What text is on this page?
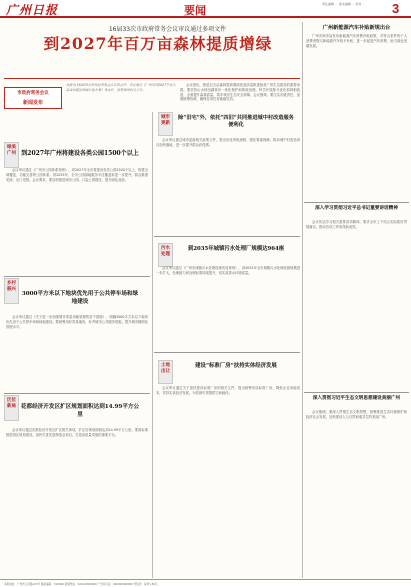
广州日报	要闻	责任编辑 ··· 美术编辑 ··· 校对 ···	3
16届33次市政府常务会议审议通过多项文件
到2027年百万亩森林提质增绿
市政府常务会议
新闻发布
本报讯 16届33次市政府常务会议日前召开，审议通过《广州市到2027年百万亩森林提质增绿实施方案》等文件，部署推进相关工作。

会议指出，推进百万亩森林提质增绿是高质量推进绿美广州生态建设的重要举措。要坚持山水林田湖草沙一体化保护和系统治理，科学开展林分优化和林相改善，全面提升森林质量，筑牢城市生态安全屏障。会议强调，要压实各级责任，加强统筹协调，确保各项任务落地见效。

绿美广州
乡村振兴
区位新局
到2027年广州将建设各类公园1500个以上

会议审议通过《广州市公园体系规划》，到2027年全市将建设各类公园1500个以上，构建全域覆盖、功能完善的公园体系。到2035年，全市公园绿地服务半径覆盖率进一步提升，群众推窗见绿、出门见园。会议要求，要加快推进城市公园、口袋公园建设，提升绿化品质。

3000平方米以下地块优先用于公共停车场和绿地建设

会议审议通过《关于进一步加强城市零星用地管理的若干措施》，明确3000平方米以下地块优先用于公共停车场和绿地建设。要统筹用好零星地块，补齐城市公共服务短板，提升城市精细化管理水平。

花都经济开发区扩区规划面积达到14.99平方公里

会议审议通过花都经济开发区扩区相关事项，扩区后规划面积达到14.99平方公里。要高标准推进园区规划建设，加快引进先进制造业项目，打造高质量发展的重要平台。

城市更新
除“旧宅”外，依托“四旧”共同推进城中村改造服务便利化

会议审议通过城市更新相关政策文件，提出优化审批流程、强化要素保障，推动城中村改造项目加快落地，进一步提升群众获得感。

污水处理
到2035年城镇污水处理厂规模达964座

会议审议通过《广州市城镇污水处理设施布局规划》，到2035年全市城镇污水处理设施规模进一步扩大，处理能力和处理标准持续提升，切实改善水环境质量。

土地出让
建设“标准厂房”扶持实体经济发展

会议审议通过关于加快建设标准厂房的相关文件，提出统筹布局标准厂房，降低企业用地成本，扶持实体经济发展，为招商引资提供空间载体。

广州新能源汽车补贴新规出台

广州市商务局发布新能源汽车消费补贴政策，对符合条件的个人消费者购买新能源汽车给予补贴，进一步促进汽车消费，助力绿色低碳发展。

深入学习贯彻习近平总书记重要讲话精神

会议传达学习相关重要讲话精神，要求全市上下结合实际抓好贯彻落实，推动各项工作取得新成效。

深入贯彻习近平生态文明思想建设美丽广州

会议强调，要深入贯彻生态文明思想，统筹推进生态环境保护和经济社会发展，加快建设人与自然和谐共生的美丽广州。

本报地址：广州市人民路133号 邮政编码：510000 新闻热线：020-00000000 广告许可证：440000000000 零售价：每份1.50元
